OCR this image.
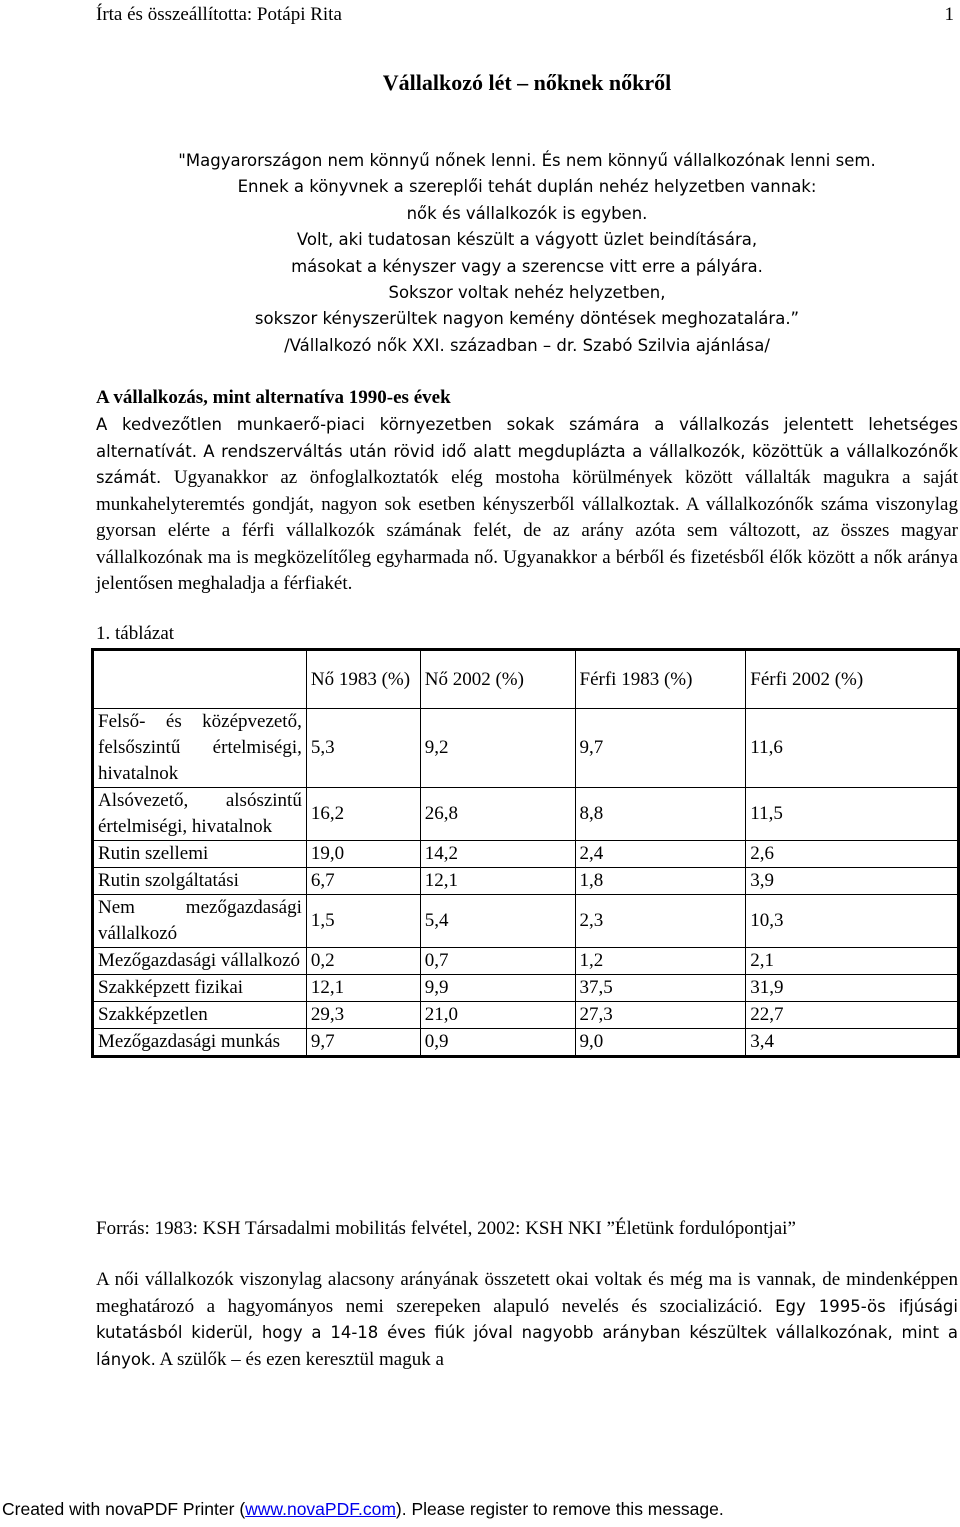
Írta és összeállította: Potápi Rita	1
Vállalkozó lét – nőknek nőkről
"Magyarországon nem könnyű nőnek lenni. És nem könnyű vállalkozónak lenni sem.
Ennek a könyvnek a szereplői tehát duplán nehéz helyzetben vannak:
nők és vállalkozók is egyben.
Volt, aki tudatosan készült a vágyott üzlet beindítására,
másokat a kényszer vagy a szerencse vitt erre a pályára.
Sokszor voltak nehéz helyzetben,
sokszor kényszerültek nagyon kemény döntések meghozatalára.”
/Vállalkozó nők XXI. században – dr. Szabó Szilvia ajánlása/
A vállalkozás, mint alternatíva 1990-es évek

A kedvezőtlen munkaerő-piaci környezetben sokak számára a vállalkozás jelentett lehetséges alternatívát. A rendszerváltás után rövid idő alatt megduplázta a vállalkozók, közöttük a vállalkozónők számát. Ugyanakkor az önfoglalkoztatók elég mostoha körülmények között vállalták magukra a saját munkahelyteremtés gondját, nagyon sok esetben kényszerből vállalkoztak. A vállalkozónők száma viszonylag gyorsan elérte a férfi vállalkozók számának felét, de az arány azóta sem változott, az összes magyar vállalkozónak ma is megközelítőleg egyharmada nő. Ugyanakkor a bérből és fizetésből élők között a nők aránya jelentősen meghaladja a férfiakét.

1. táblázat
	Nő 1983 (%)	Nő 2002 (%)	Férfi 1983 (%)	Férfi 2002 (%)
Felső- és középvezető, felsőszintű értelmiségi, hivatalnok	5,3	9,2	9,7	11,6
Alsóvezető, alsószintű értelmiségi, hivatalnok	16,2	26,8	8,8	11,5
Rutin szellemi	19,0	14,2	2,4	2,6
Rutin szolgáltatási	6,7	12,1	1,8	3,9
Nem mezőgazdasági vállalkozó	1,5	5,4	2,3	10,3
Mezőgazdasági vállalkozó	0,2	0,7	1,2	2,1
Szakképzett fizikai	12,1	9,9	37,5	31,9
Szakképzetlen	29,3	21,0	27,3	22,7
Mezőgazdasági munkás	9,7	0,9	9,0	3,4
Forrás: 1983: KSH Társadalmi mobilitás felvétel, 2002: KSH NKI ”Életünk fordulópontjai”

A női vállalkozók viszonylag alacsony arányának összetett okai voltak és még ma is vannak, de mindenképpen meghatározó a hagyományos nemi szerepeken alapuló nevelés és szocializáció. Egy 1995-ös ifjúsági kutatásból kiderül, hogy a 14-18 éves fiúk jóval nagyobb arányban készültek vállalkozónak, mint a lányok. A szülők – és ezen keresztül maguk a

Created with novaPDF Printer (www.novaPDF.com). Please register to remove this message.
